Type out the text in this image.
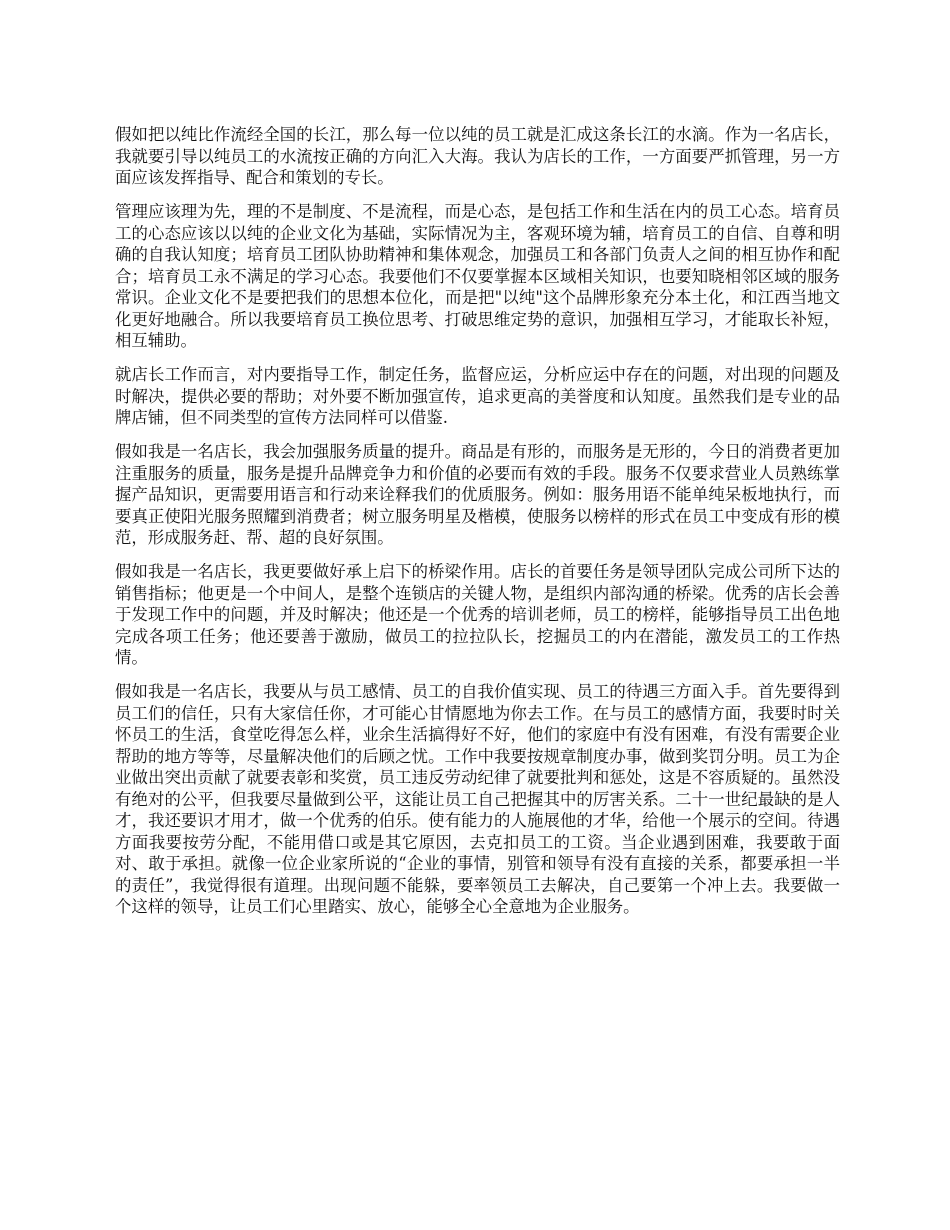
假如把以纯比作流经全国的长江，那么每一位以纯的员工就是汇成这条长江的水滴。作为一名店长，我就要引导以纯员工的水流按正确的方向汇入大海。我认为店长的工作，一方面要严抓管理，另一方面应该发挥指导、配合和策划的专长。

管理应该理为先，理的不是制度、不是流程，而是心态，是包括工作和生活在内的员工心态。培育员工的心态应该以以纯的企业文化为基础，实际情况为主，客观环境为辅，培育员工的自信、自尊和明确的自我认知度；培育员工团队协助精神和集体观念，加强员工和各部门负责人之间的相互协作和配合；培育员工永不满足的学习心态。我要他们不仅要掌握本区域相关知识，也要知晓相邻区域的服务常识。企业文化不是要把我们的思想本位化，而是把"以纯"这个品牌形象充分本土化，和江西当地文化更好地融合。所以我要培育员工换位思考、打破思维定势的意识，加强相互学习，才能取长补短，相互辅助。

就店长工作而言，对内要指导工作，制定任务，监督应运，分析应运中存在的问题，对出现的问题及时解决，提供必要的帮助；对外要不断加强宣传，追求更高的美誉度和认知度。虽然我们是专业的品牌店铺，但不同类型的宣传方法同样可以借鉴.

假如我是一名店长，我会加强服务质量的提升。商品是有形的，而服务是无形的，今日的消费者更加注重服务的质量，服务是提升品牌竞争力和价值的必要而有效的手段。服务不仅要求营业人员熟练掌握产品知识，更需要用语言和行动来诠释我们的优质服务。例如：服务用语不能单纯呆板地执行，而要真正使阳光服务照耀到消费者；树立服务明星及楷模，使服务以榜样的形式在员工中变成有形的模范，形成服务赶、帮、超的良好氛围。

假如我是一名店长，我更要做好承上启下的桥梁作用。店长的首要任务是领导团队完成公司所下达的销售指标；他更是一个中间人，是整个连锁店的关键人物，是组织内部沟通的桥梁。优秀的店长会善于发现工作中的问题，并及时解决；他还是一个优秀的培训老师，员工的榜样，能够指导员工出色地完成各项工任务；他还要善于激励，做员工的拉拉队长，挖掘员工的内在潜能，激发员工的工作热情。

假如我是一名店长，我要从与员工感情、员工的自我价值实现、员工的待遇三方面入手。首先要得到员工们的信任，只有大家信任你，才可能心甘情愿地为你去工作。在与员工的感情方面，我要时时关怀员工的生活，食堂吃得怎么样，业余生活搞得好不好，他们的家庭中有没有困难，有没有需要企业帮助的地方等等，尽量解决他们的后顾之忧。工作中我要按规章制度办事，做到奖罚分明。员工为企业做出突出贡献了就要表彰和奖赏，员工违反劳动纪律了就要批判和惩处，这是不容质疑的。虽然没有绝对的公平，但我要尽量做到公平，这能让员工自己把握其中的厉害关系。二十一世纪最缺的是人才，我还要识才用才，做一个优秀的伯乐。使有能力的人施展他的才华，给他一个展示的空间。待遇方面我要按劳分配，不能用借口或是其它原因，去克扣员工的工资。当企业遇到困难，我要敢于面对、敢于承担。就像一位企业家所说的“企业的事情，别管和领导有没有直接的关系，都要承担一半的责任”，我觉得很有道理。出现问题不能躲，要率领员工去解决，自己要第一个冲上去。我要做一个这样的领导，让员工们心里踏实、放心，能够全心全意地为企业服务。
